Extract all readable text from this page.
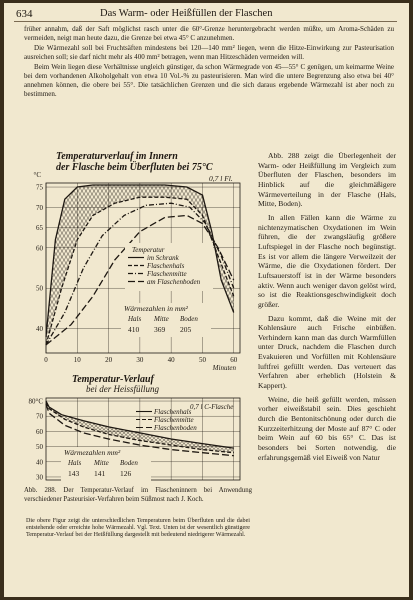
634	Das Warm- oder Heißfüllen der Flaschen

früher annahm, daß der Saft möglichst rasch unter die 60°-Grenze heruntergebracht werden müßte, um Aroma-Schäden zu vermeiden, neigt man heute dazu, die Grenze bei etwa 45° C anzunehmen.

Die Wärmezahl soll bei Fruchtsäften mindestens bei 120—140 mm² liegen, wenn die Hitze-Einwirkung zur Pasteurisation ausreichen soll; sie darf nicht mehr als 400 mm² betragen, wenn man Hitzeschäden vermeiden will.

Beim Wein liegen diese Verhältnisse ungleich günstiger, da schon Wärmegrade von 45—55° C genügen, um keimarme Weine bei dem vorhandenen Alkoholgehalt von etwa 10 Vol.-% zu pasteurisieren. Man wird die untere Begrenzung also etwa bei 40° annehmen können, die obere bei 55°. Die tatsächlichen Grenzen und die sich daraus ergebende Wärmezahl ist aber noch zu bestimmen.

Temperaturverlauf im Innern
der Flasche beim Überfluten bei 75°C
0,7 l Fl.
40
50
60
65
70
75
0	10	20	30	40	50	60
Temperatur
im Schrank
Flaschenhals
Flaschenmitte
am Flaschenboden
Wärmezahlen in mm²
Hals Mitte Boden
410 369 205
Minuten
°C
Temperatur-Verlauf
bei der Heissfüllung
0,7 l C-Flasche
80°C
70
60
50
40
30
Flaschenhals
Flaschenmitte
Flaschenboden
Wärmezahlen mm²
Hals Mitte Boden
143 141 126
Abb. 288. Der Temperatur-Verlauf im Flascheninnern bei Anwendung verschiedener Pasteurisier-Verfahren beim Süßmost nach J. Koch.
Die obere Figur zeigt die unterschiedlichen Temperaturen beim Überfluten und die dabei entstehende oder erreichte hohe Wärmezahl. Vgl. Text. Unten ist der wesentlich günstigere Temperatur-Verlauf bei der Heißfüllung dargestellt mit bedeutend niedrigerer Wärmezahl.

Abb. 288 zeigt die Überlegenheit der Warm- oder Heißfüllung im Vergleich zum Überfluten der Flaschen, besonders im Hinblick auf die gleichmäßigere Wärmeverteilung in der Flasche (Hals, Mitte, Boden).

In allen Fällen kann die Wärme zu nichtenzymatischen Oxydationen im Wein führen, die der zwangsläufig größere Luftspiegel in der Flasche noch begünstigt. Es ist vor allem die längere Verweilzeit der Wärme, die die Oxydationen fördert. Der Luftsauerstoff ist in der Wärme besonders aktiv. Wenn auch weniger davon gelöst wird, so ist die Reaktionsgeschwindigkeit doch größer.

Dazu kommt, daß die Weine mit der Kohlensäure auch Frische einbüßen. Verhindern kann man das durch Warmfüllen unter Druck, nachdem die Flaschen durch Evakuieren und Vorfüllen mit Kohlensäure luftfrei gefüllt werden. Das verteuert das Verfahren aber erheblich (Holstein & Kappert).

Weine, die heiß gefüllt werden, müssen vorher eiweißstabil sein. Dies geschieht durch die Bentonitschönung oder durch die Kurzzeiterhitzung der Moste auf 87° C oder beim Wein auf 60 bis 65° C. Das ist besonders bei Sorten notwendig, die erfahrungsgemäß viel Eiweiß von Natur
